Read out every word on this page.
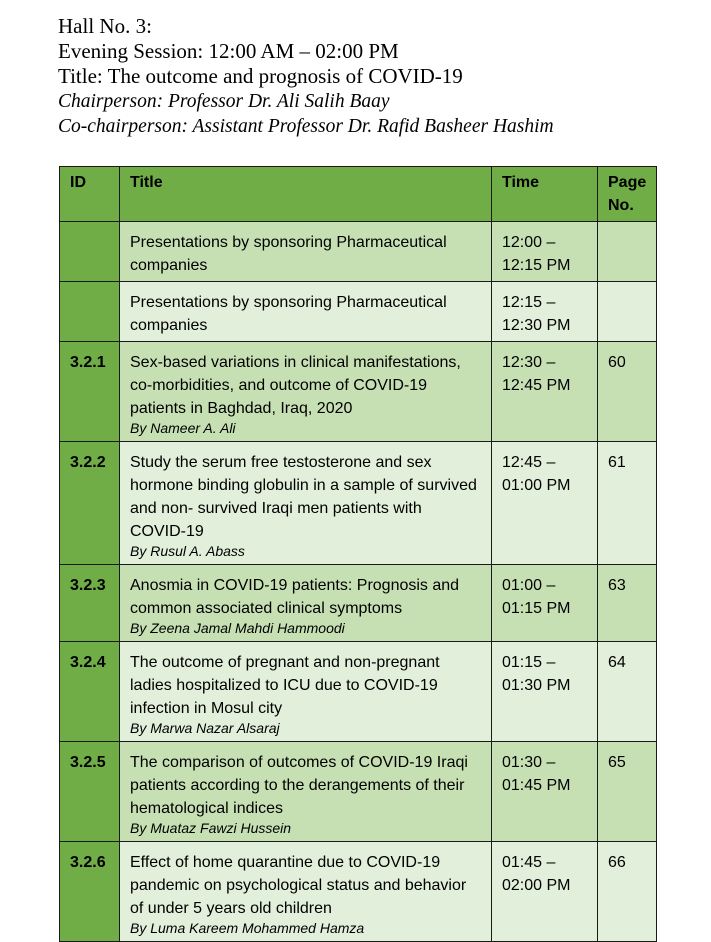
Hall No. 3:
Evening Session: 12:00 AM – 02:00 PM
Title: The outcome and prognosis of COVID-19
Chairperson: Professor Dr. Ali Salih Baay
Co-chairperson: Assistant Professor Dr. Rafid Basheer Hashim
ID	Title	Time	Page No.
	Presentations by sponsoring Pharmaceutical companies	12:00 – 12:15 PM	
	Presentations by sponsoring Pharmaceutical companies	12:15 – 12:30 PM	
3.2.1	Sex-based variations in clinical manifestations, co-morbidities, and outcome of COVID-19 patients in Baghdad, Iraq, 2020
By Nameer A. Ali	12:30 – 12:45 PM	60
3.2.2	Study the serum free testosterone and sex hormone binding globulin in a sample of survived and non- survived Iraqi men patients with COVID-19
By Rusul A. Abass	12:45 – 01:00 PM	61
3.2.3	Anosmia in COVID-19 patients: Prognosis and common associated clinical symptoms
By Zeena Jamal Mahdi Hammoodi	01:00 – 01:15 PM	63
3.2.4	The outcome of pregnant and non-pregnant ladies hospitalized to ICU due to COVID-19 infection in Mosul city
By Marwa Nazar Alsaraj	01:15 – 01:30 PM	64
3.2.5	The comparison of outcomes of COVID-19 Iraqi patients according to the derangements of their hematological indices
By Muataz Fawzi Hussein	01:30 – 01:45 PM	65
3.2.6	Effect of home quarantine due to COVID-19 pandemic on psychological status and behavior of under 5 years old children
By Luma Kareem Mohammed Hamza	01:45 – 02:00 PM	66
